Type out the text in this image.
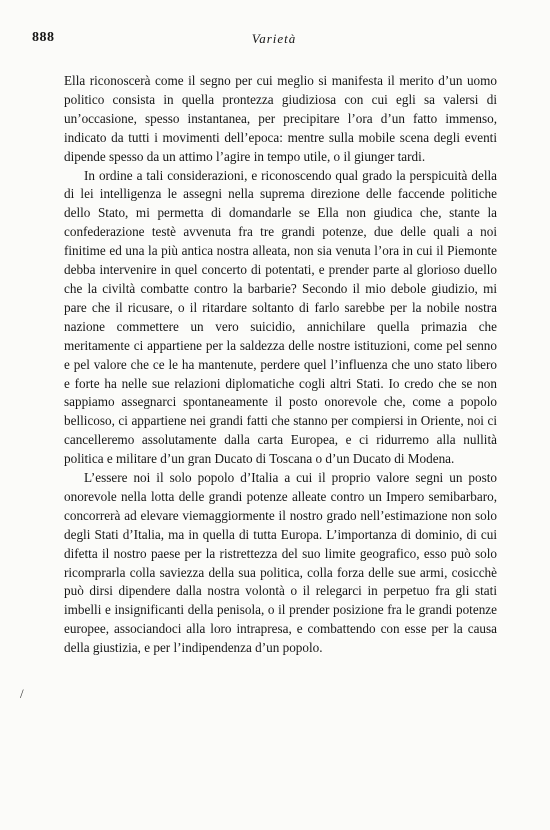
888	Varietà

Ella riconoscerà come il segno per cui meglio si manifesta il merito d’un uomo politico consista in quella prontezza giudiziosa con cui egli sa valersi di un’occasione, spesso instantanea, per precipitare l’ora d’un fatto immenso, indicato da tutti i movimenti dell’epoca: mentre sulla mobile scena degli eventi dipende spesso da un attimo l’agire in tempo utile, o il giunger tardi.

In ordine a tali considerazioni, e riconoscendo qual grado la perspicuità della di lei intelligenza le assegni nella suprema direzione delle faccende politiche dello Stato, mi permetta di domandarle se Ella non giudica che, stante la confederazione testè avvenuta fra tre grandi potenze, due delle quali a noi finitime ed una la più antica nostra alleata, non sia venuta l’ora in cui il Piemonte debba intervenire in quel concerto di potentati, e prender parte al glorioso duello che la civiltà combatte contro la barbarie? Secondo il mio debole giudizio, mi pare che il ricusare, o il ritardare soltanto di farlo sarebbe per la nobile nostra nazione commettere un vero suicidio, annichilare quella primazia che meritamente ci appartiene per la saldezza delle nostre istituzioni, come pel senno e pel valore che ce le ha mantenute, perdere quel l’influenza che uno stato libero e forte ha nelle sue relazioni diplomatiche cogli altri Stati. Io credo che se non sappiamo assegnarci spontaneamente il posto onorevole che, come a popolo bellicoso, ci appartiene nei grandi fatti che stanno per compiersi in Oriente, noi ci cancelleremo assolutamente dalla carta Europea, e ci ridurremo alla nullità politica e militare d’un gran Ducato di Toscana o d’un Ducato di Modena.

L’essere noi il solo popolo d’Italia a cui il proprio valore segni un posto onorevole nella lotta delle grandi potenze alleate contro un Impero semibarbaro, concorrerà ad elevare viemaggiormente il nostro grado nell’estimazione non solo degli Stati d’Italia, ma in quella di tutta Europa. L’importanza di dominio, di cui difetta il nostro paese per la ristrettezza del suo limite geografico, esso può solo ricomprarla colla saviezza della sua politica, colla forza delle sue armi, cosicchè può dirsi dipendere dalla nostra volontà o il relegarci in perpetuo fra gli stati imbelli e insignificanti della penisola, o il prender posizione fra le grandi potenze europee, associandoci alla loro intrapresa, e combattendo con esse per la causa della giustizia, e per l’indipendenza d’un popolo.

/
